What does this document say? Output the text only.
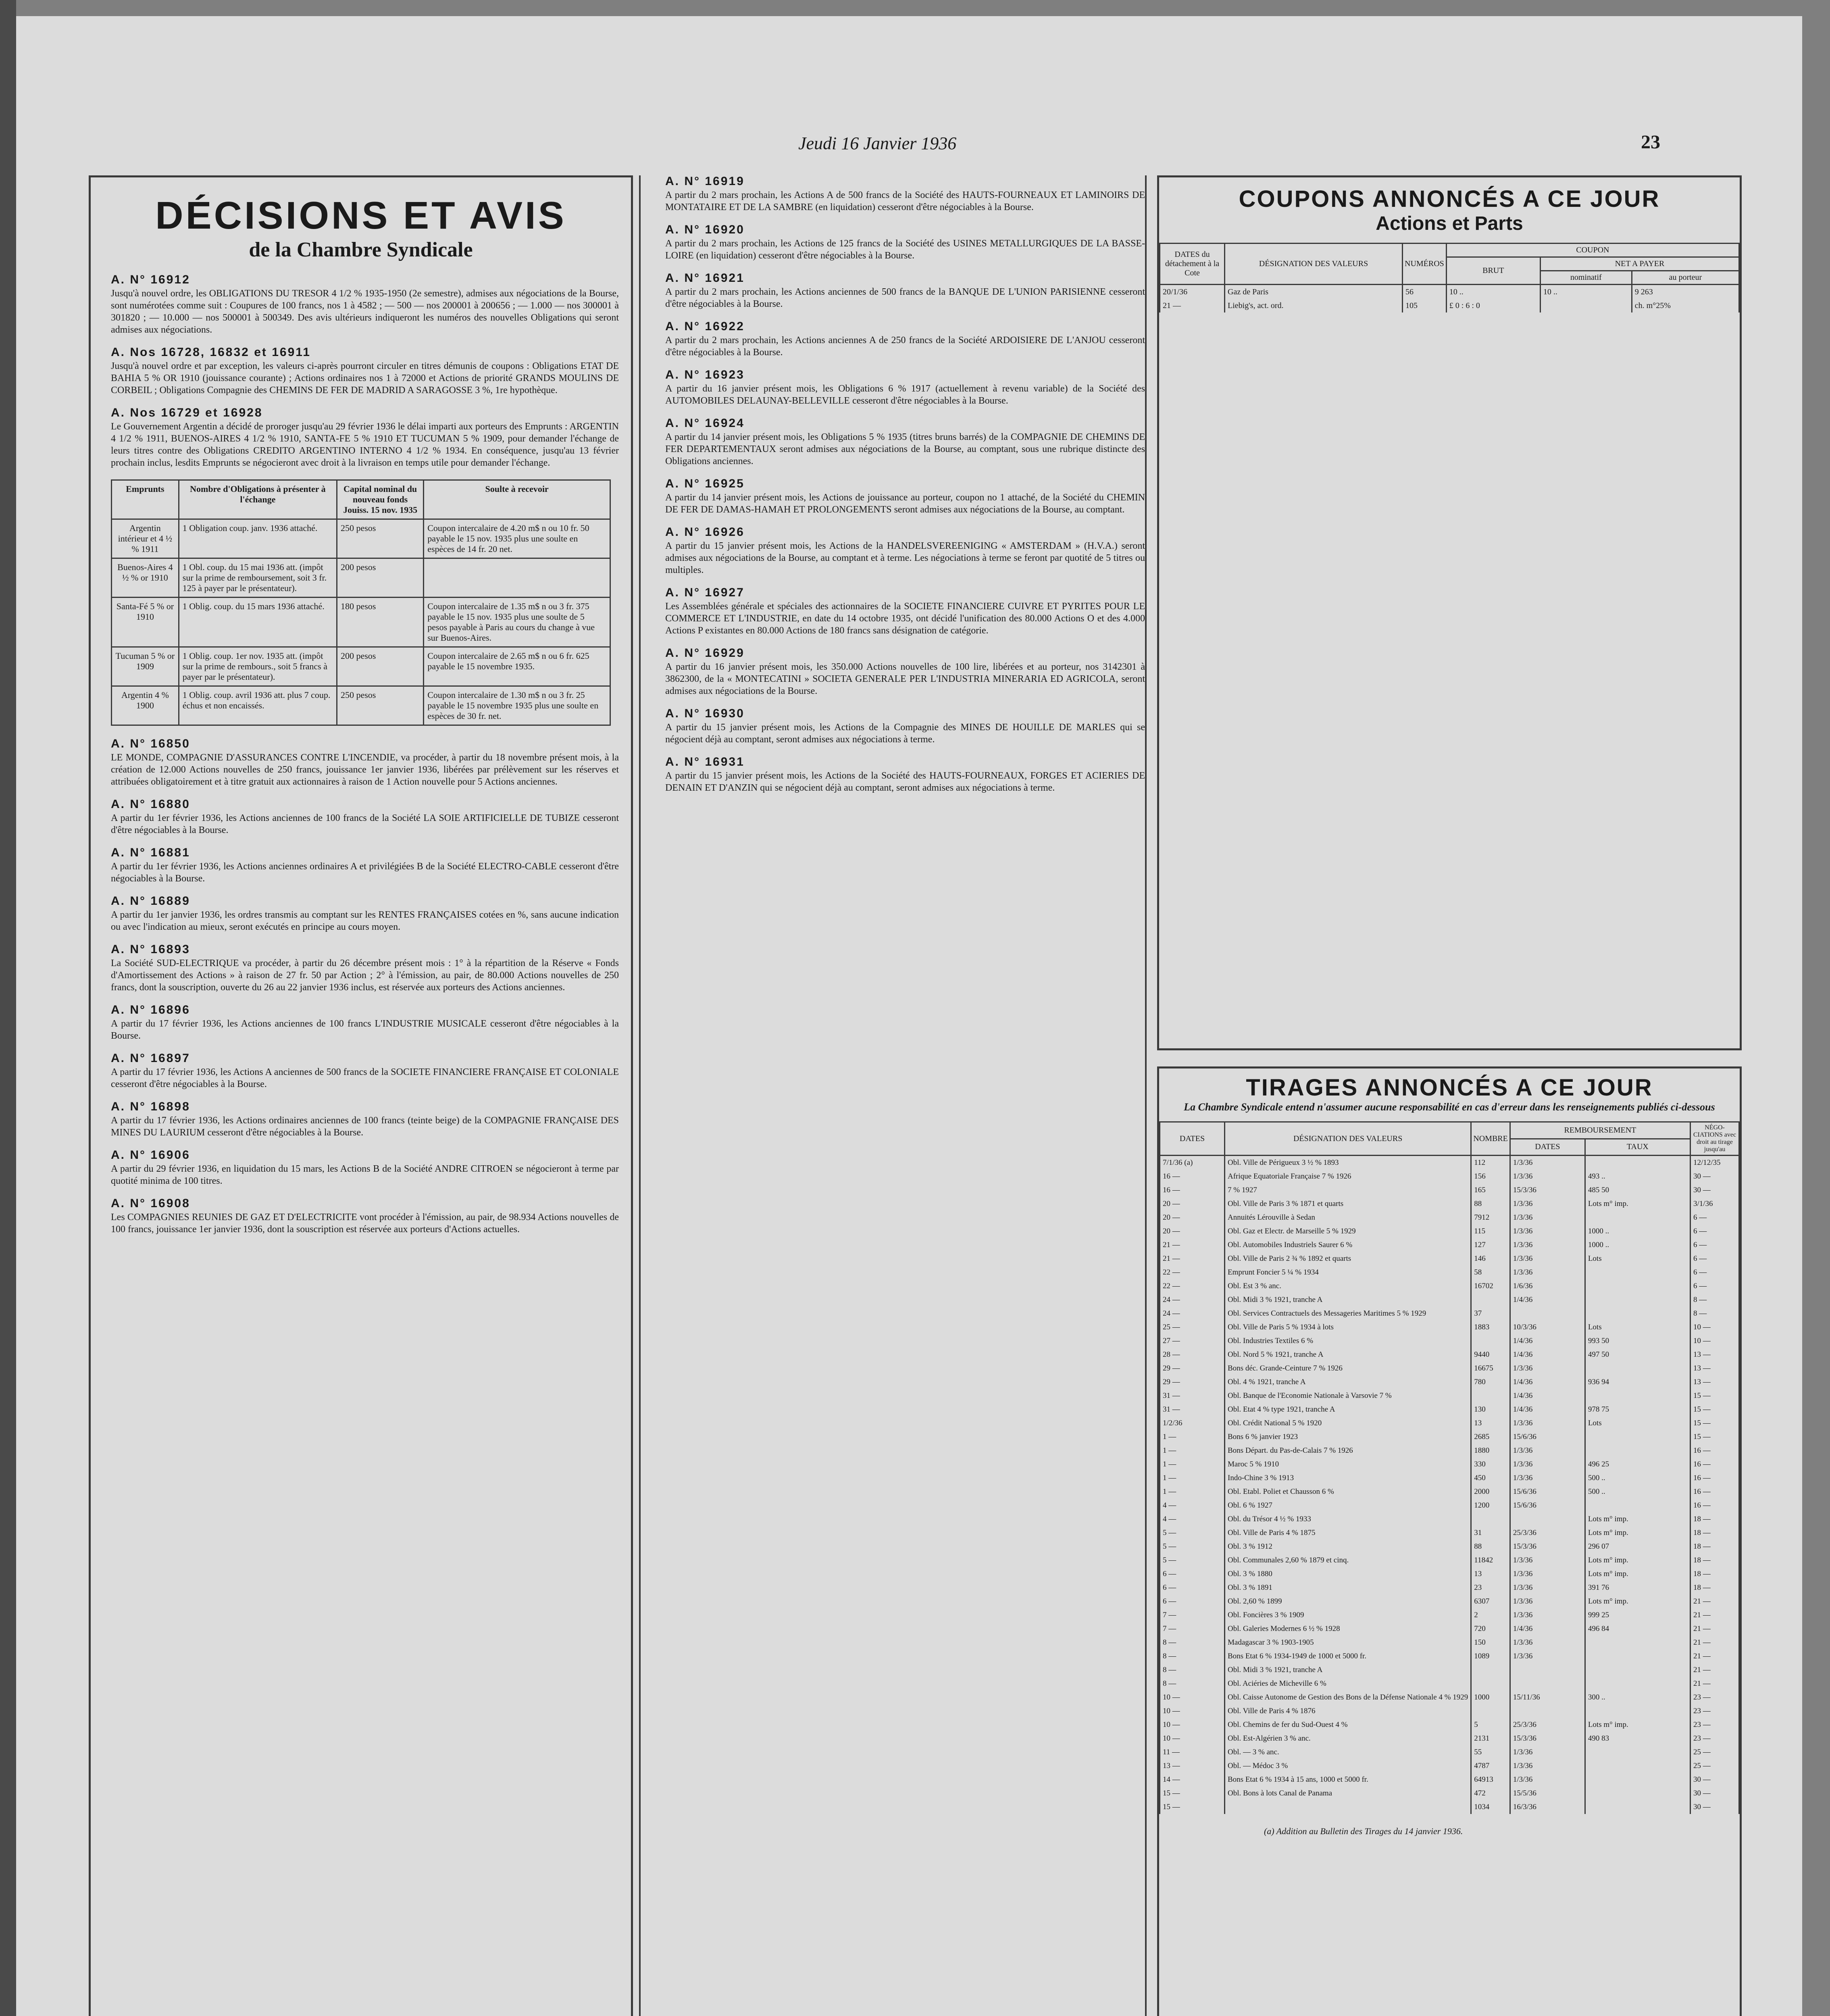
Jeudi 16 Janvier 1936	23
DÉCISIONS ET AVIS
de la Chambre Syndicale
A. N° 16912
Jusqu'à nouvel ordre, les OBLIGATIONS DU TRESOR 4 1/2 % 1935-1950 (2e semestre), admises aux négociations de la Bourse, sont numérotées comme suit : Coupures de 100 francs, nos 1 à 4582 ; — 500 — nos 200001 à 200656 ; — 1.000 — nos 300001 à 301820 ; — 10.000 — nos 500001 à 500349. Des avis ultérieurs indiqueront les numéros des nouvelles Obligations qui seront admises aux négociations.
A. Nos 16728, 16832 et 16911
Jusqu'à nouvel ordre et par exception, les valeurs ci-après pourront circuler en titres démunis de coupons : Obligations ETAT DE BAHIA 5 % OR 1910 (jouissance courante) ; Actions ordinaires nos 1 à 72000 et Actions de priorité GRANDS MOULINS DE CORBEIL ; Obligations Compagnie des CHEMINS DE FER DE MADRID A SARAGOSSE 3 %, 1re hypothèque.
A. Nos 16729 et 16928
Le Gouvernement Argentin a décidé de proroger jusqu'au 29 février 1936 le délai imparti aux porteurs des Emprunts : ARGENTIN 4 1/2 % 1911, BUENOS-AIRES 4 1/2 % 1910, SANTA-FE 5 % 1910 ET TUCUMAN 5 % 1909, pour demander l'échange de leurs titres contre des Obligations CREDITO ARGENTINO INTERNO 4 1/2 % 1934. En conséquence, jusqu'au 13 février prochain inclus, lesdits Emprunts se négocieront avec droit à la livraison en temps utile pour demander l'échange.
Emprunts	Nombre d'Obligations à présenter à l'échange	Capital nominal du nouveau fonds Jouiss. 15 nov. 1935	Soulte à recevoir
Argentin intérieur et 4 ½ % 1911	1 Obligation coup. janv. 1936 attaché.	250 pesos	Coupon intercalaire de 4.20 m$ n ou 10 fr. 50 payable le 15 nov. 1935 plus une soulte en espèces de 14 fr. 20 net.
Buenos-Aires 4 ½ % or 1910	1 Obl. coup. du 15 mai 1936 att. (impôt sur la prime de remboursement, soit 3 fr. 125 à payer par le présentateur).	200 pesos	
Santa-Fé 5 % or 1910	1 Oblig. coup. du 15 mars 1936 attaché.	180 pesos	Coupon intercalaire de 1.35 m$ n ou 3 fr. 375 payable le 15 nov. 1935 plus une soulte de 5 pesos payable à Paris au cours du change à vue sur Buenos-Aires.
Tucuman 5 % or 1909	1 Oblig. coup. 1er nov. 1935 att. (impôt sur la prime de rembours., soit 5 francs à payer par le présentateur).	200 pesos	Coupon intercalaire de 2.65 m$ n ou 6 fr. 625 payable le 15 novembre 1935.
Argentin 4 % 1900	1 Oblig. coup. avril 1936 att. plus 7 coup. échus et non encaissés.	250 pesos	Coupon intercalaire de 1.30 m$ n ou 3 fr. 25 payable le 15 novembre 1935 plus une soulte en espèces de 30 fr. net.
A. N° 16850
LE MONDE, COMPAGNIE D'ASSURANCES CONTRE L'INCENDIE, va procéder, à partir du 18 novembre présent mois, à la création de 12.000 Actions nouvelles de 250 francs, jouissance 1er janvier 1936, libérées par prélèvement sur les réserves et attribuées obligatoirement et à titre gratuit aux actionnaires à raison de 1 Action nouvelle pour 5 Actions anciennes.
A. N° 16880
A partir du 1er février 1936, les Actions anciennes de 100 francs de la Société LA SOIE ARTIFICIELLE DE TUBIZE cesseront d'être négociables à la Bourse.
A. N° 16881
A partir du 1er février 1936, les Actions anciennes ordinaires A et privilégiées B de la Société ELECTRO-CABLE cesseront d'être négociables à la Bourse.
A. N° 16889
A partir du 1er janvier 1936, les ordres transmis au comptant sur les RENTES FRANÇAISES cotées en %, sans aucune indication ou avec l'indication au mieux, seront exécutés en principe au cours moyen.
A. N° 16893
La Société SUD-ELECTRIQUE va procéder, à partir du 26 décembre présent mois : 1° à la répartition de la Réserve « Fonds d'Amortissement des Actions » à raison de 27 fr. 50 par Action ; 2° à l'émission, au pair, de 80.000 Actions nouvelles de 250 francs, dont la souscription, ouverte du 26 au 22 janvier 1936 inclus, est réservée aux porteurs des Actions anciennes.
A. N° 16896
A partir du 17 février 1936, les Actions anciennes de 100 francs L'INDUSTRIE MUSICALE cesseront d'être négociables à la Bourse.
A. N° 16897
A partir du 17 février 1936, les Actions A anciennes de 500 francs de la SOCIETE FINANCIERE FRANÇAISE ET COLONIALE cesseront d'être négociables à la Bourse.
A. N° 16898
A partir du 17 février 1936, les Actions ordinaires anciennes de 100 francs (teinte beige) de la COMPAGNIE FRANÇAISE DES MINES DU LAURIUM cesseront d'être négociables à la Bourse.
A. N° 16906
A partir du 29 février 1936, en liquidation du 15 mars, les Actions B de la Société ANDRE CITROEN se négocieront à terme par quotité minima de 100 titres.
A. N° 16908
Les COMPAGNIES REUNIES DE GAZ ET D'ELECTRICITE vont procéder à l'émission, au pair, de 98.934 Actions nouvelles de 100 francs, jouissance 1er janvier 1936, dont la souscription est réservée aux porteurs d'Actions actuelles.
A. N° 16919
A partir du 2 mars prochain, les Actions A de 500 francs de la Société des HAUTS-FOURNEAUX ET LAMINOIRS DE MONTATAIRE ET DE LA SAMBRE (en liquidation) cesseront d'être négociables à la Bourse.
A. N° 16920
A partir du 2 mars prochain, les Actions de 125 francs de la Société des USINES METALLURGIQUES DE LA BASSE-LOIRE (en liquidation) cesseront d'être négociables à la Bourse.
A. N° 16921
A partir du 2 mars prochain, les Actions anciennes de 500 francs de la BANQUE DE L'UNION PARISIENNE cesseront d'être négociables à la Bourse.
A. N° 16922
A partir du 2 mars prochain, les Actions anciennes A de 250 francs de la Société ARDOISIERE DE L'ANJOU cesseront d'être négociables à la Bourse.
A. N° 16923
A partir du 16 janvier présent mois, les Obligations 6 % 1917 (actuellement à revenu variable) de la Société des AUTOMOBILES DELAUNAY-BELLEVILLE cesseront d'être négociables à la Bourse.
A. N° 16924
A partir du 14 janvier présent mois, les Obligations 5 % 1935 (titres bruns barrés) de la COMPAGNIE DE CHEMINS DE FER DEPARTEMENTAUX seront admises aux négociations de la Bourse, au comptant, sous une rubrique distincte des Obligations anciennes.
A. N° 16925
A partir du 14 janvier présent mois, les Actions de jouissance au porteur, coupon no 1 attaché, de la Société du CHEMIN DE FER DE DAMAS-HAMAH ET PROLONGEMENTS seront admises aux négociations de la Bourse, au comptant.
A. N° 16926
A partir du 15 janvier présent mois, les Actions de la HANDELSVEREENIGING « AMSTERDAM » (H.V.A.) seront admises aux négociations de la Bourse, au comptant et à terme. Les négociations à terme se feront par quotité de 5 titres ou multiples.
A. N° 16927
Les Assemblées générale et spéciales des actionnaires de la SOCIETE FINANCIERE CUIVRE ET PYRITES POUR LE COMMERCE ET L'INDUSTRIE, en date du 14 octobre 1935, ont décidé l'unification des 80.000 Actions O et des 4.000 Actions P existantes en 80.000 Actions de 180 francs sans désignation de catégorie.
A. N° 16929
A partir du 16 janvier présent mois, les 350.000 Actions nouvelles de 100 lire, libérées et au porteur, nos 3142301 à 3862300, de la « MONTECATINI » SOCIETA GENERALE PER L'INDUSTRIA MINERARIA ED AGRICOLA, seront admises aux négociations de la Bourse.
A. N° 16930
A partir du 15 janvier présent mois, les Actions de la Compagnie des MINES DE HOUILLE DE MARLES qui se négocient déjà au comptant, seront admises aux négociations à terme.
A. N° 16931
A partir du 15 janvier présent mois, les Actions de la Société des HAUTS-FOURNEAUX, FORGES ET ACIERIES DE DENAIN ET D'ANZIN qui se négocient déjà au comptant, seront admises aux négociations à terme.
COUPONS ANNONCÉS A CE JOUR
Actions et Parts
DATES du détachement à la Cote	DÉSIGNATION DES VALEURS	NUMÉROS	COUPON		
			BRUT	NET A PAYER	
				nominatif	au porteur
20/1/36	Gaz de Paris	56	10 ..	10 ..	9 263
21 —	Liebig's, act. ord.	105	£ 0 : 6 : 0		ch. m°25%
TIRAGES ANNONCÉS A CE JOUR
La Chambre Syndicale entend n'assumer aucune responsabilité en cas d'erreur dans les renseignements publiés ci-dessous
DATES	DÉSIGNATION DES VALEURS	NOMBRE	REMBOURSEMENT		NÉGO-CIATIONS avec droit au tirage jusqu'au
			DATES	TAUX	
7/1/36 (a)	Obl. Ville de Périgueux 3 ½ % 1893	112	1/3/36		12/12/35
16 —	Afrique Equatoriale Française 7 % 1926	156	1/3/36	493 ..	30 —
16 —	7 % 1927	165	15/3/36	485 50	30 —
20 —	Obl. Ville de Paris 3 % 1871 et quarts	88	1/3/36	Lots m° imp.	3/1/36
20 —	Annuités Lérouville à Sedan	7912	1/3/36		6 —
20 —	Obl. Gaz et Electr. de Marseille 5 % 1929	115	1/3/36	1000 ..	6 —
21 —	Obl. Automobiles Industriels Saurer 6 %	127	1/3/36	1000 ..	6 —
21 —	Obl. Ville de Paris 2 ¾ % 1892 et quarts	146	1/3/36	Lots	6 —
22 —	Emprunt Foncier 5 ¼ % 1934	58	1/3/36		6 —
22 —	Obl. Est 3 % anc.	16702	1/6/36		6 —
24 —	Obl. Midi 3 % 1921, tranche A		1/4/36		8 —
24 —	Obl. Services Contractuels des Messageries Maritimes 5 % 1929	37			8 —
25 —	Obl. Ville de Paris 5 % 1934 à lots	1883	10/3/36	Lots	10 —
27 —	Obl. Industries Textiles 6 %		1/4/36	993 50	10 —
28 —	Obl. Nord 5 % 1921, tranche A	9440	1/4/36	497 50	13 —
29 —	Bons déc. Grande-Ceinture 7 % 1926	16675	1/3/36		13 —
29 —	Obl. 4 % 1921, tranche A	780	1/4/36	936 94	13 —
31 —	Obl. Banque de l'Economie Nationale à Varsovie 7 %		1/4/36		15 —
31 —	Obl. Etat 4 % type 1921, tranche A	130	1/4/36	978 75	15 —
1/2/36	Obl. Crédit National 5 % 1920	13	1/3/36	Lots	15 —
1 —	Bons 6 % janvier 1923	2685	15/6/36		15 —
1 —	Bons Départ. du Pas-de-Calais 7 % 1926	1880	1/3/36		16 —
1 —	Maroc 5 % 1910	330	1/3/36	496 25	16 —
1 —	Indo-Chine 3 % 1913	450	1/3/36	500 ..	16 —
1 —	Obl. Etabl. Poliet et Chausson 6 %	2000	15/6/36	500 ..	16 —
4 —	Obl. 6 % 1927	1200	15/6/36		16 —
4 —	Obl. du Trésor 4 ½ % 1933			Lots m° imp.	18 —
5 —	Obl. Ville de Paris 4 % 1875	31	25/3/36	Lots m° imp.	18 —
5 —	Obl. 3 % 1912	88	15/3/36	296 07	18 —
5 —	Obl. Communales 2,60 % 1879 et cinq.	11842	1/3/36	Lots m° imp.	18 —
6 —	Obl. 3 % 1880	13	1/3/36	Lots m° imp.	18 —
6 —	Obl. 3 % 1891	23	1/3/36	391 76	18 —
6 —	Obl. 2,60 % 1899	6307	1/3/36	Lots m° imp.	21 —
7 —	Obl. Foncières 3 % 1909	2	1/3/36	999 25	21 —
7 —	Obl. Galeries Modernes 6 ½ % 1928	720	1/4/36	496 84	21 —
8 —	Madagascar 3 % 1903-1905	150	1/3/36		21 —
8 —	Bons Etat 6 % 1934-1949 de 1000 et 5000 fr.	1089	1/3/36		21 —
8 —	Obl. Midi 3 % 1921, tranche A				21 —
8 —	Obl. Aciéries de Micheville 6 %				21 —
10 —	Obl. Caisse Autonome de Gestion des Bons de la Défense Nationale 4 % 1929	1000	15/11/36	300 ..	23 —
10 —	Obl. Ville de Paris 4 % 1876				23 —
10 —	Obl. Chemins de fer du Sud-Ouest 4 %	5	25/3/36	Lots m° imp.	23 —
10 —	Obl. Est-Algérien 3 % anc.	2131	15/3/36	490 83	23 —
11 —	Obl. — 3 % anc.	55	1/3/36		25 —
13 —	Obl. — Médoc 3 %	4787	1/3/36		25 —
14 —	Bons Etat 6 % 1934 à 15 ans, 1000 et 5000 fr.	64913	1/3/36		30 —
15 —	Obl. Bons à lots Canal de Panama	472	15/5/36		30 —
15 —		1034	16/3/36		30 —
(a) Addition au Bulletin des Tirages du 14 janvier 1936.
